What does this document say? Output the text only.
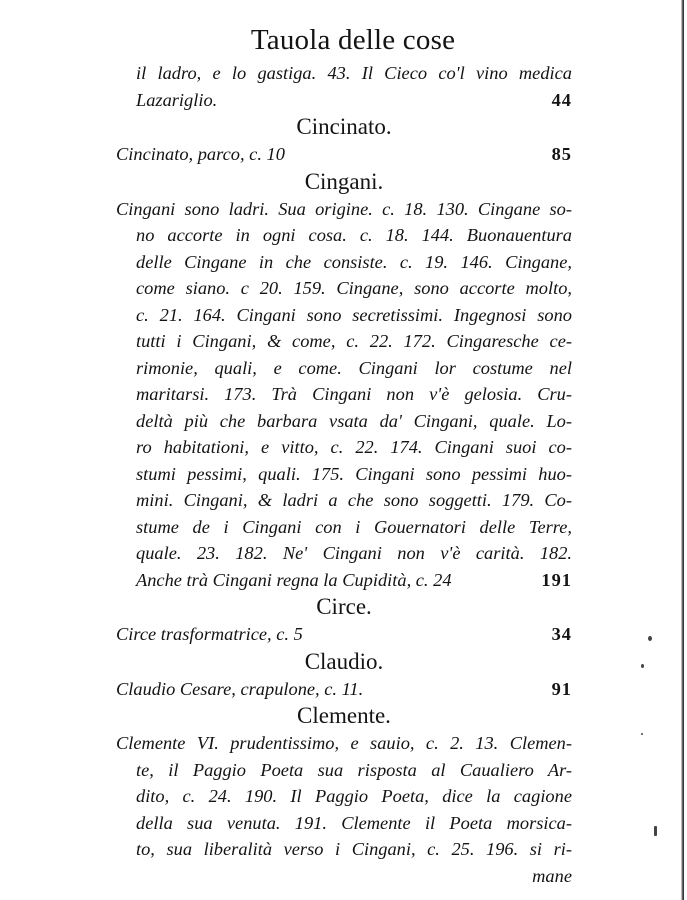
Tauola delle cose
il ladro, e lo gastiga. 43. Il Cieco co'l vino medica
Lazariglio.	44
Cincinato.
Cincinato, parco, c. 10	85
Cingani.
Cingani sono ladri. Sua origine. c. 18. 130. Cingane so-
no accorte in ogni cosa. c. 18. 144. Buonauentura
delle Cingane in che consiste. c. 19. 146. Cingane,
come siano. c 20. 159. Cingane, sono accorte molto,
c. 21. 164. Cingani sono secretissimi. Ingegnosi sono
tutti i Cingani, & come, c. 22. 172. Cingaresche ce-
rimonie, quali, e come. Cingani lor costume nel
maritarsi. 173. Trà Cingani non v'è gelosia. Cru-
deltà più che barbara vsata da' Cingani, quale. Lo-
ro habitationi, e vitto, c. 22. 174. Cingani suoi co-
stumi pessimi, quali. 175. Cingani sono pessimi huo-
mini. Cingani, & ladri a che sono soggetti. 179. Co-
stume de i Cingani con i Gouernatori delle Terre,
quale. 23. 182. Ne' Cingani non v'è carità. 182.
Anche trà Cingani regna la Cupidità, c. 24	191
Circe.
Circe trasformatrice, c. 5	34
Claudio.
Claudio Cesare, crapulone, c. 11.	91
Clemente.
Clemente VI. prudentissimo, e sauio, c. 2. 13. Clemen-
te, il Paggio Poeta sua risposta al Caualiero Ar-
dito, c. 24. 190. Il Paggio Poeta, dice la cagione
della sua venuta. 191. Clemente il Poeta morsica-
to, sua liberalità verso i Cingani, c. 25. 196. si ri-
mane
